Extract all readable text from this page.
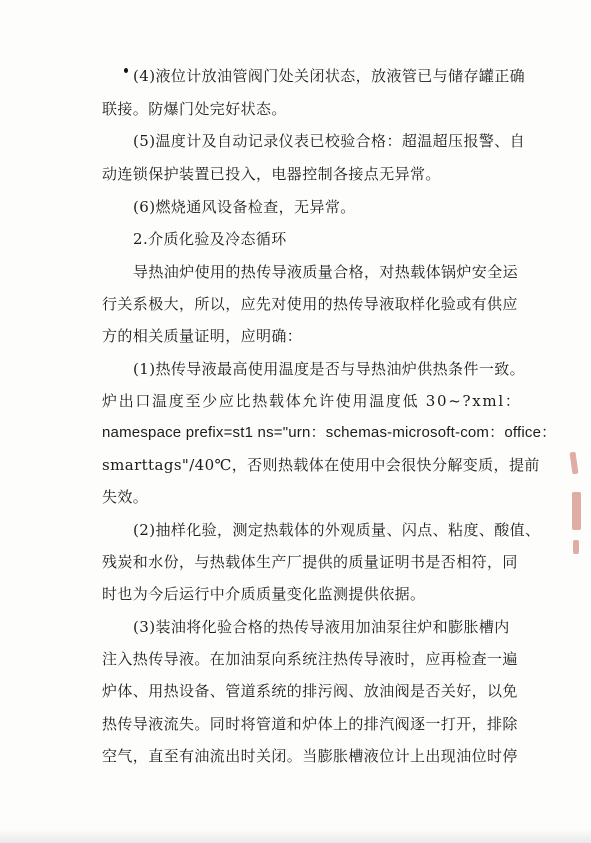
(4)液位计放油管阀门处关闭状态，放液管已与储存罐正确
联接。防爆门处完好状态。
(5)温度计及自动记录仪表已校验合格：超温超压报警、自
动连锁保护装置已投入，电器控制各接点无异常。
(6)燃烧通风设备检查，无异常。
2.介质化验及冷态循环
导热油炉使用的热传导液质量合格，对热载体锅炉安全运
行关系极大，所以，应先对使用的热传导液取样化验或有供应
方的相关质量证明，应明确：
(1)热传导液最高使用温度是否与导热油炉供热条件一致。
炉出口温度至少应比热载体允许使用温度低 30~?xml：
namespace prefix=st1 ns="urn：schemas-microsoft-com：office：
smarttags"/40℃，否则热载体在使用中会很快分解变质，提前
失效。
(2)抽样化验，测定热载体的外观质量、闪点、粘度、酸值、
残炭和水份，与热载体生产厂提供的质量证明书是否相符，同
时也为今后运行中介质质量变化监测提供依据。
(3)装油将化验合格的热传导液用加油泵往炉和膨胀槽内
注入热传导液。在加油泵向系统注热传导液时，应再检查一遍
炉体、用热设备、管道系统的排污阀、放油阀是否关好，以免
热传导液流失。同时将管道和炉体上的排汽阀逐一打开，排除
空气，直至有油流出时关闭。当膨胀槽液位计上出现油位时停
